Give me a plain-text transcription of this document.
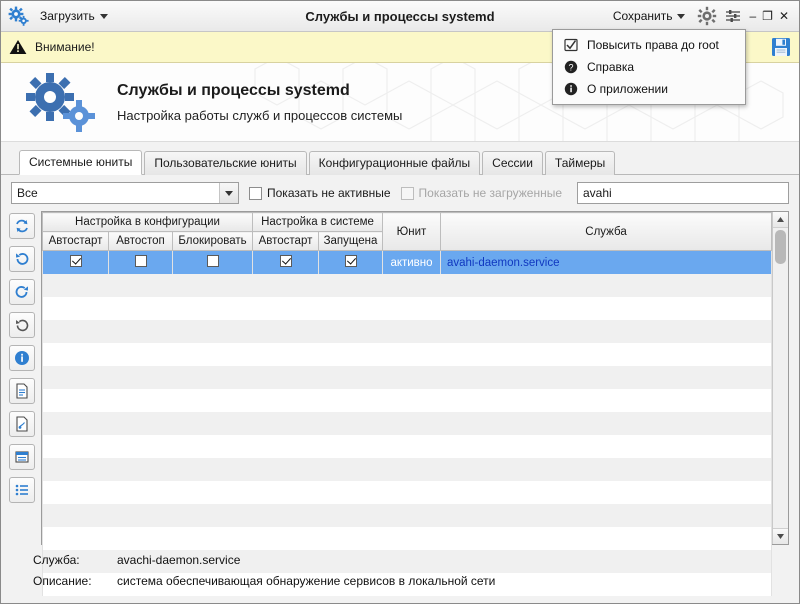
Загрузить	Службы и процессы systemd	Сохранить	– ❐ ✕
Внимание!
Службы и процессы systemd
Настройка работы служб и процессов системы
Системные юниты	Пользовательские юниты	Конфигурационные файлы	Сессии	Таймеры
Все	Показать не активные Показать не загруженные avahi
Настройка в конфигурации			Настройка в системе		Юнит	Служба
Автостарт	Автостоп	Блокировать	Автостарт	Запущена		
					активно	avahi-daemon.service

Служба:	avachi-daemon.service
Описание:	система обеспечивающая обнаружение сервисов в локальной сети
Повысить права до root
? Справка
О приложении
